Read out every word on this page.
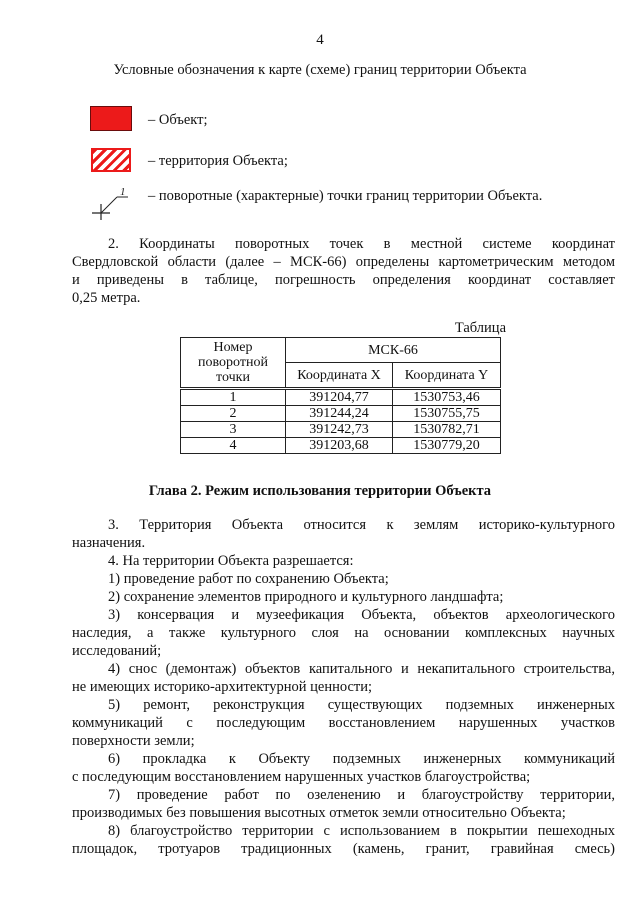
4
Условные обозначения к карте (схеме) границ территории Объекта
– Объект;
– территория Объекта;
1 – поворотные (характерные) точки границ территории Объекта.
2. Координаты поворотных точек в местной системе координат
Свердловской области (далее – МСК-66) определены картометрическим методом
и приведены в таблице, погрешность определения координат составляет
0,25 метра.
Таблица
Номер поворотной точки	МСК-66	
	Координата X	Координата Y
1	391204,77	1530753,46
2	391244,24	1530755,75
3	391242,73	1530782,71
4	391203,68	1530779,20
Глава 2. Режим использования территории Объекта
3. Территория Объекта относится к землям историко-культурного
назначения.
4. На территории Объекта разрешается:
1) проведение работ по сохранению Объекта;
2) сохранение элементов природного и культурного ландшафта;
3) консервация и музеефикация Объекта, объектов археологического
наследия, а также культурного слоя на основании комплексных научных
исследований;
4) снос (демонтаж) объектов капитального и некапитального строительства,
не имеющих историко-архитектурной ценности;
5) ремонт, реконструкция существующих подземных инженерных
коммуникаций с последующим восстановлением нарушенных участков
поверхности земли;
6) прокладка к Объекту подземных инженерных коммуникаций
с последующим восстановлением нарушенных участков благоустройства;
7) проведение работ по озеленению и благоустройству территории,
производимых без повышения высотных отметок земли относительно Объекта;
8) благоустройство территории с использованием в покрытии пешеходных
площадок, тротуаров традиционных (камень, гранит, гравийная смесь)
